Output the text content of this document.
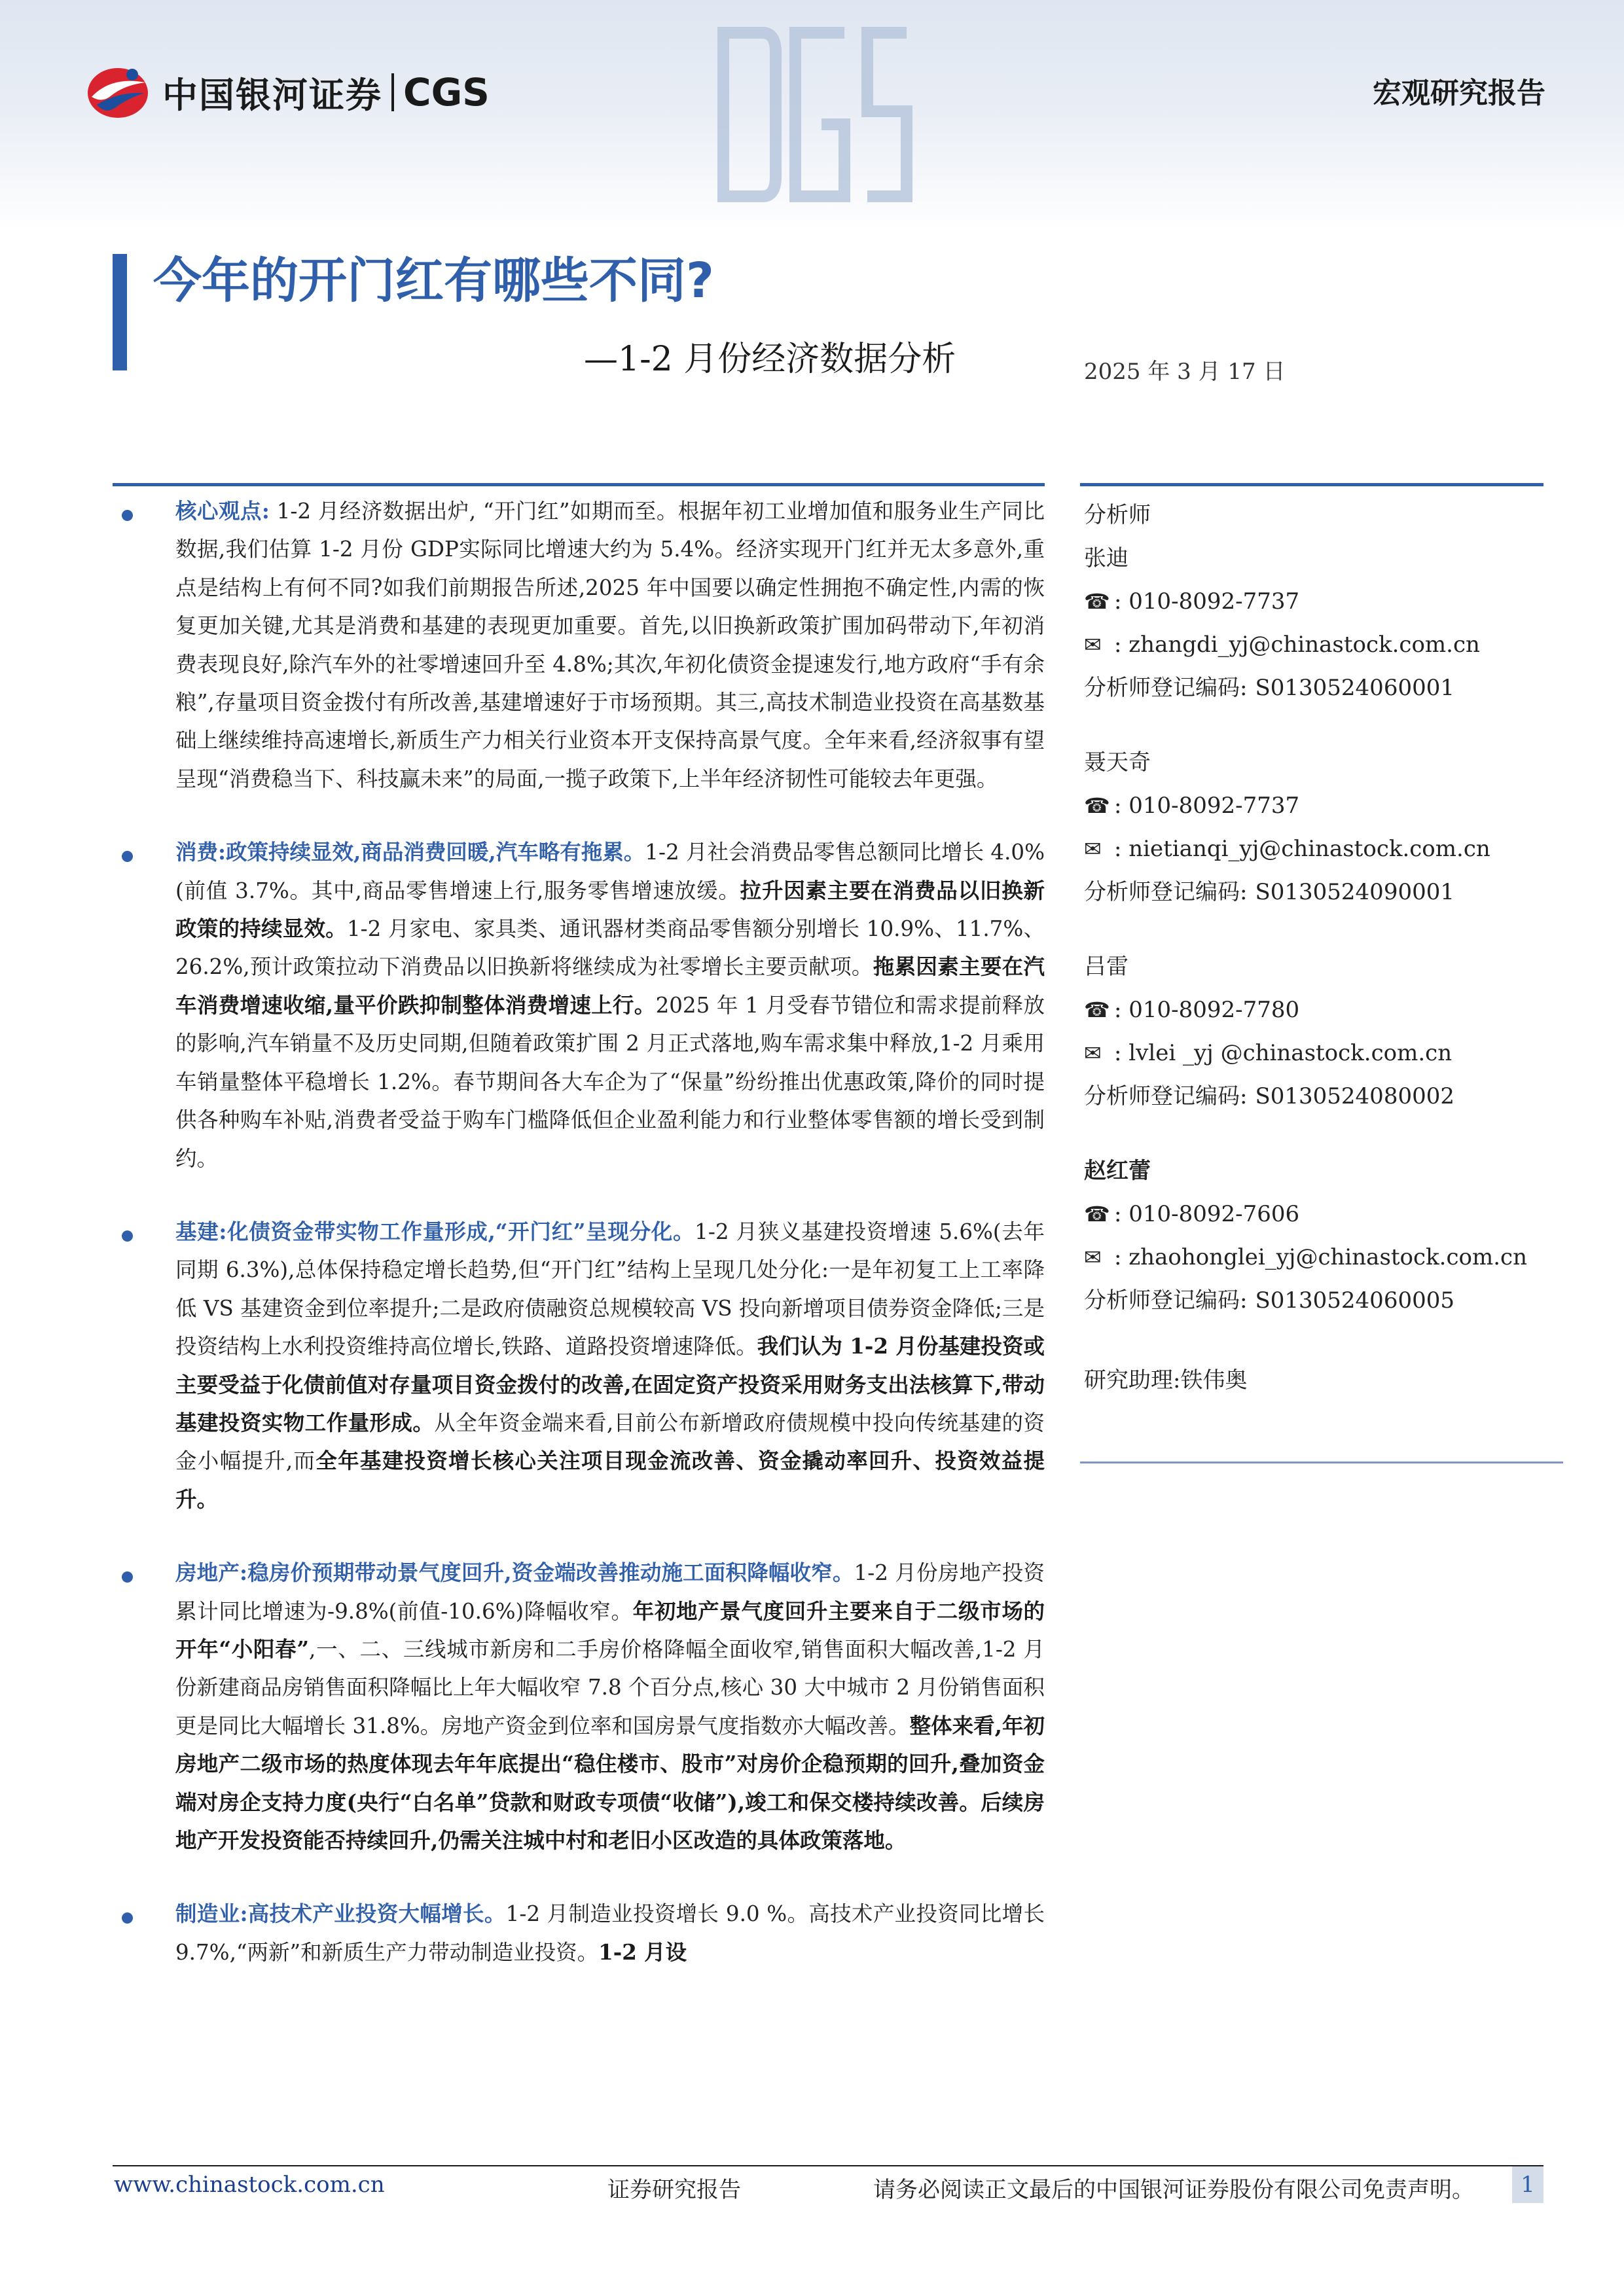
中国银河证券 CGS	宏观研究报告
今年的开门红有哪些不同?
—1-2 月份经济数据分析	2025 年 3 月 17 日

核心观点: 1-2 月经济数据出炉, “开门红”如期而至。根据年初工业增加值和服务业生产同比数据,我们估算 1-2 月份 GDP实际同比增速大约为 5.4%。经济实现开门红并无太多意外,重点是结构上有何不同?如我们前期报告所述,2025 年中国要以确定性拥抱不确定性,内需的恢复更加关键,尤其是消费和基建的表现更加重要。首先,以旧换新政策扩围加码带动下,年初消费表现良好,除汽车外的社零增速回升至 4.8%;其次,年初化债资金提速发行,地方政府“手有余粮”,存量项目资金拨付有所改善,基建增速好于市场预期。其三,高技术制造业投资在高基数基础上继续维持高速增长,新质生产力相关行业资本开支保持高景气度。全年来看,经济叙事有望呈现“消费稳当下、科技赢未来”的局面,一揽子政策下,上半年经济韧性可能较去年更强。

消费:政策持续显效,商品消费回暖,汽车略有拖累。1-2 月社会消费品零售总额同比增长 4.0%(前值 3.7%。其中,商品零售增速上行,服务零售增速放缓。拉升因素主要在消费品以旧换新政策的持续显效。1-2 月家电、家具类、通讯器材类商品零售额分别增长 10.9%、11.7%、26.2%,预计政策拉动下消费品以旧换新将继续成为社零增长主要贡献项。拖累因素主要在汽车消费增速收缩,量平价跌抑制整体消费增速上行。2025 年 1 月受春节错位和需求提前释放的影响,汽车销量不及历史同期,但随着政策扩围 2 月正式落地,购车需求集中释放,1-2 月乘用车销量整体平稳增长 1.2%。春节期间各大车企为了“保量”纷纷推出优惠政策,降价的同时提供各种购车补贴,消费者受益于购车门槛降低但企业盈利能力和行业整体零售额的增长受到制约。

基建:化债资金带实物工作量形成,“开门红”呈现分化。1-2 月狭义基建投资增速 5.6%(去年同期 6.3%),总体保持稳定增长趋势,但“开门红”结构上呈现几处分化:一是年初复工上工率降低 VS 基建资金到位率提升;二是政府债融资总规模较高 VS 投向新增项目债券资金降低;三是投资结构上水利投资维持高位增长,铁路、道路投资增速降低。我们认为 1-2 月份基建投资或主要受益于化债前值对存量项目资金拨付的改善,在固定资产投资采用财务支出法核算下,带动基建投资实物工作量形成。从全年资金端来看,目前公布新增政府债规模中投向传统基建的资金小幅提升,而全年基建投资增长核心关注项目现金流改善、资金撬动率回升、投资效益提升。

房地产:稳房价预期带动景气度回升,资金端改善推动施工面积降幅收窄。1-2 月份房地产投资累计同比增速为-9.8%(前值-10.6%)降幅收窄。年初地产景气度回升主要来自于二级市场的开年“小阳春”,一、二、三线城市新房和二手房价格降幅全面收窄,销售面积大幅改善,1-2 月份新建商品房销售面积降幅比上年大幅收窄 7.8 个百分点,核心 30 大中城市 2 月份销售面积更是同比大幅增长 31.8%。房地产资金到位率和国房景气度指数亦大幅改善。整体来看,年初房地产二级市场的热度体现去年年底提出“稳住楼市、股市”对房价企稳预期的回升,叠加资金端对房企支持力度(央行“白名单”贷款和财政专项债“收储”),竣工和保交楼持续改善。后续房地产开发投资能否持续回升,仍需关注城中村和老旧小区改造的具体政策落地。

制造业:高技术产业投资大幅增长。1-2 月制造业投资增长 9.0 %。高技术产业投资同比增长 9.7%,“两新”和新质生产力带动制造业投资。1-2 月设

分析师
张迪
☎ : 010-8092-7737
✉ : zhangdi_yj@chinastock.com.cn
分析师登记编码: S0130524060001
聂天奇
☎ : 010-8092-7737
✉ : nietianqi_yj@chinastock.com.cn
分析师登记编码: S0130524090001
吕雷
☎ : 010-8092-7780
✉ : lvlei _yj @chinastock.com.cn
分析师登记编码: S0130524080002
赵红蕾
☎ : 010-8092-7606
✉ : zhaohonglei_yj@chinastock.com.cn
分析师登记编码: S0130524060005
研究助理:铁伟奥
www.chinastock.com.cn	证券研究报告	请务必阅读正文最后的中国银河证券股份有限公司免责声明。	1
